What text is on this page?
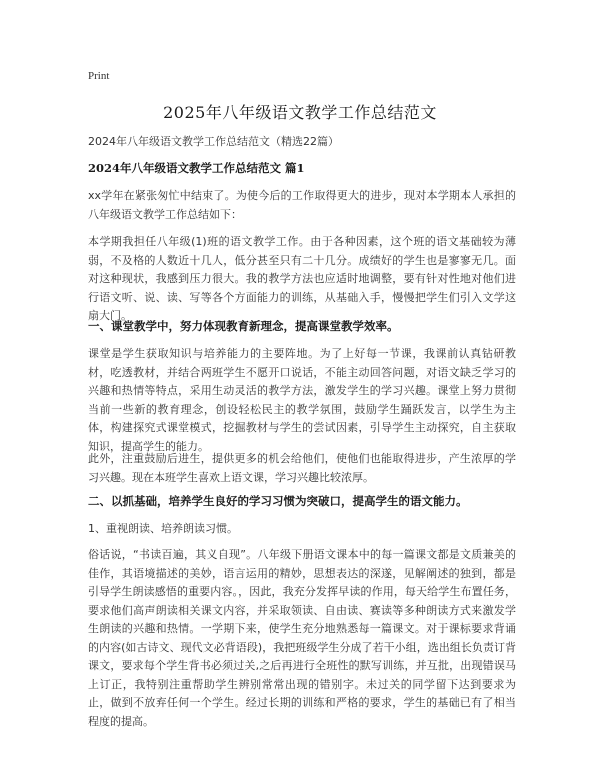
Print
2025年八年级语文教学工作总结范文
2024年八年级语文教学工作总结范文（精选22篇）
2024年八年级语文教学工作总结范文 篇1

xx学年在紧张匆忙中结束了。为使今后的工作取得更大的进步，现对本学期本人承担的八年级语文教学工作总结如下：

本学期我担任八年级(1)班的语文教学工作。由于各种因素，这个班的语文基础较为薄弱，不及格的人数近十几人，低分甚至只有二十几分。成绩好的学生也是寥寥无几。面对这种现状，我感到压力很大。我的教学方法也应适时地调整，要有针对性地对他们进行语文听、说、读、写等各个方面能力的训练，从基础入手，慢慢把学生们引入文学这扇大门。

一、课堂教学中，努力体现教育新理念，提高课堂教学效率。

课堂是学生获取知识与培养能力的主要阵地。为了上好每一节课，我课前认真钻研教材，吃透教材，并结合两班学生不愿开口说话，不能主动回答问题，对语文缺乏学习的兴趣和热情等特点，采用生动灵活的教学方法，激发学生的学习兴趣。课堂上努力贯彻当前一些新的教育理念，创设轻松民主的教学氛围，鼓励学生踊跃发言，以学生为主体，构建探究式课堂模式，挖掘教材与学生的尝试因素，引导学生主动探究，自主获取知识，提高学生的能力。

此外，注重鼓励后进生，提供更多的机会给他们，使他们也能取得进步，产生浓厚的学习兴趣。现在本班学生喜欢上语文课，学习兴趣比较浓厚。

二、以抓基础，培养学生良好的学习习惯为突破口，提高学生的语文能力。

1、重视朗读、培养朗读习惯。

俗话说，“书读百遍，其义自现”。八年级下册语文课本中的每一篇课文都是文质兼美的佳作，其语境描述的美妙，语言运用的精妙，思想表达的深遂，见解阐述的独到，都是引导学生朗读感悟的重要内容。，因此，我充分发挥早读的作用，每天给学生布置任务，要求他们高声朗读相关课文内容，并采取领读、自由读、赛读等多种朗读方式来激发学生朗读的兴趣和热情。一学期下来，使学生充分地熟悉每一篇课文。对于课标要求背诵的内容(如古诗文、现代文必背语段)，我把班级学生分成了若干小组，选出组长负责订背课文，要求每个学生背书必须过关,之后再进行全班性的默写训练，并互批，出现错误马上订正，我特别注重帮助学生辨别常常出现的错别字。未过关的同学留下达到要求为止，做到不放弃任何一个学生。经过长期的训练和严格的要求，学生的基础已有了相当程度的提高。
